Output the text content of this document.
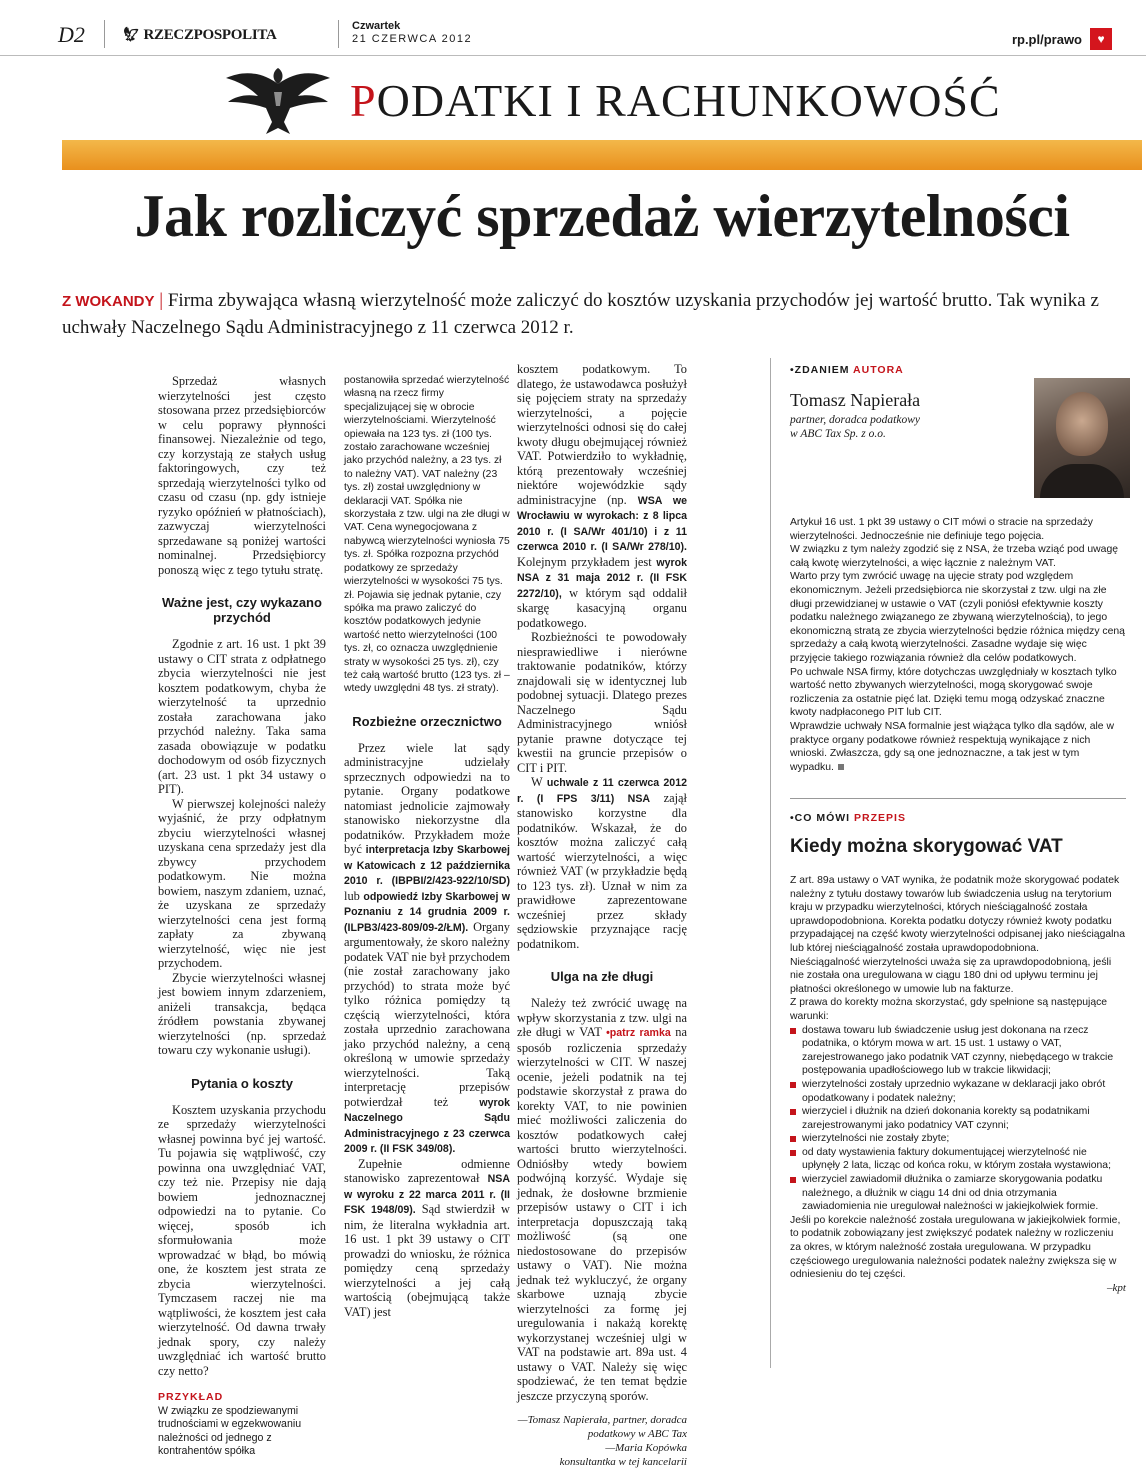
D2	🦅︎ RZECZPOSPOLITA
Czwartek
21 CZERWCA 2012	rp.pl/prawo	♥
PODATKI I RACHUNKOWOŚĆ
Jak rozliczyć sprzedaż wierzytelności
Z WOKANDY | Firma zbywająca własną wierzytelność może zaliczyć do kosztów uzyskania przychodów jej wartość brutto. Tak wynika z uchwały Naczelnego Sądu Administracyjnego z 11 czerwca 2012 r.

Sprzedaż własnych wierzytelności jest często stosowana przez przedsiębiorców w celu poprawy płynności finansowej. Niezależnie od tego, czy korzystają ze stałych usług faktoringowych, czy też sprzedają wierzytelności tylko od czasu od czasu (np. gdy istnieje ryzyko opóźnień w płatnościach), zazwyczaj wierzytelności sprzedawane są poniżej wartości nominalnej. Przedsiębiorcy ponoszą więc z tego tytułu stratę.

Ważne jest, czy wykazano przychód

Zgodnie z art. 16 ust. 1 pkt 39 ustawy o CIT strata z odpłatnego zbycia wierzytelności nie jest kosztem podatkowym, chyba że wierzytelność ta uprzednio została zarachowana jako przychód należny. Taka sama zasada obowiązuje w podatku dochodowym od osób fizycznych (art. 23 ust. 1 pkt 34 ustawy o PIT).

W pierwszej kolejności należy wyjaśnić, że przy odpłatnym zbyciu wierzytelności własnej uzyskana cena sprzedaży jest dla zbywcy przychodem podatkowym. Nie można bowiem, naszym zdaniem, uznać, że uzyskana ze sprzedaży wierzytelności cena jest formą zapłaty za zbywaną wierzytelność, więc nie jest przychodem.

Zbycie wierzytelności własnej jest bowiem innym zdarzeniem, aniżeli transakcja, będąca źródłem powstania zbywanej wierzytelności (np. sprzedaż towaru czy wykonanie usługi).

Pytania o koszty

Kosztem uzyskania przychodu ze sprzedaży wierzytelności własnej powinna być jej wartość. Tu pojawia się wątpliwość, czy powinna ona uwzględniać VAT, czy też nie. Przepisy nie dają bowiem jednoznacznej odpowiedzi na to pytanie. Co więcej, sposób ich sformułowania może wprowadzać w błąd, bo mówią one, że kosztem jest strata ze zbycia wierzytelności. Tymczasem raczej nie ma wątpliwości, że kosztem jest cała wierzytelność. Od dawna trwały jednak spory, czy należy uwzględniać ich wartość brutto czy netto?

PRZYKŁAD

W związku ze spodziewanymi trudnościami w egzekwowaniu należności od jednego z kontrahentów spółka

postanowiła sprzedać wierzytelność własną na rzecz firmy specjalizującej się w obrocie wierzytelnościami. Wierzytelność opiewała na 123 tys. zł (100 tys. zostało zarachowane wcześniej jako przychód należny, a 23 tys. zł to należny VAT). VAT należny (23 tys. zł) został uwzględniony w deklaracji VAT. Spółka nie skorzystała z tzw. ulgi na złe długi w VAT. Cena wynegocjowana z nabywcą wierzytelności wyniosła 75 tys. zł. Spółka rozpozna przychód podatkowy ze sprzedaży wierzytelności w wysokości 75 tys. zł. Pojawia się jednak pytanie, czy spółka ma prawo zaliczyć do kosztów podatkowych jedynie wartość netto wierzytelności (100 tys. zł, co oznacza uwzględnienie straty w wysokości 25 tys. zł), czy też całą wartość brutto (123 tys. zł – wtedy uwzględni 48 tys. zł straty).

Rozbieżne orzecznictwo

Przez wiele lat sądy administracyjne udzielały sprzecznych odpowiedzi na to pytanie. Organy podatkowe natomiast jednolicie zajmowały stanowisko niekorzystne dla podatników. Przykładem może być interpretacja Izby Skarbowej w Katowicach z 12 października 2010 r. (IBPBI/2/423-922/10/SD) lub odpowiedź Izby Skarbowej w Poznaniu z 14 grudnia 2009 r. (ILPB3/423-809/09-2/ŁM). Organy argumentowały, że skoro należny podatek VAT nie był przychodem (nie został zarachowany jako przychód) to strata może być tylko różnica pomiędzy tą częścią wierzytelności, która została uprzednio zarachowana jako przychód należny, a ceną określoną w umowie sprzedaży wierzytelności. Taką interpretację przepisów potwierdzał też	wyrok Naczelnego Sądu Administracyjnego z 23 czerwca 2009 r. (II FSK 349/08).

Zupełnie odmienne stanowisko zaprezentował NSA w wyroku z 22 marca 2011 r. (II FSK 1948/09). Sąd stwierdził w nim, że literalna wykładnia art. 16 ust. 1 pkt 39 ustawy o CIT prowadzi do wniosku, że różnica pomiędzy ceną sprzedaży wierzytelności a jej całą wartością (obejmującą także VAT) jest

kosztem podatkowym. To dlatego, że ustawodawca posłużył się pojęciem straty na sprzedaży wierzytelności, a pojęcie wierzytelności odnosi się do całej kwoty długu obejmującej również VAT. Potwierdziło to wykładnię, którą prezentowały wcześniej niektóre wojewódzkie sądy administracyjne (np. WSA we Wrocławiu w wyrokach: z 8 lipca 2010 r. (I SA/Wr 401/10) i z 11 czerwca 2010 r. (I SA/Wr 278/10). Kolejnym przykładem jest wyrok NSA z 31 maja 2012 r. (II FSK 2272/10), w którym sąd oddalił skargę kasacyjną organu podatkowego.

Rozbieżności te powodowały niesprawiedliwe i nierówne traktowanie podatników, którzy znajdowali się w identycznej lub podobnej sytuacji. Dlatego prezes Naczelnego Sądu Administracyjnego wniósł pytanie prawne dotyczące tej kwestii na gruncie przepisów o CIT i PIT.

W uchwale z 11 czerwca 2012 r. (I FPS 3/11) NSA zajął stanowisko korzystne dla podatników. Wskazał, że do kosztów można zaliczyć całą wartość wierzytelności, a więc również VAT (w przykładzie będą to 123 tys. zł). Uznał w nim za prawidłowe zaprezentowane wcześniej przez składy sędziowskie przyznające rację podatnikom.

Ulga na złe długi

Należy też zwrócić uwagę na wpływ skorzystania z tzw. ulgi na złe długi w VAT •patrz ramka na sposób rozliczenia sprzedaży wierzytelności w CIT. W naszej ocenie, jeżeli podatnik na tej podstawie skorzystał z prawa do korekty VAT, to nie powinien mieć możliwości zaliczenia do kosztów podatkowych całej wartości brutto wierzytelności. Odniósłby wtedy bowiem podwójną korzyść. Wydaje się jednak, że dosłowne brzmienie przepisów ustawy o CIT i ich interpretacja dopuszczają taką możliwość (są one niedostosowane do przepisów ustawy o VAT). Nie można jednak też wykluczyć, że organy skarbowe uznają zbycie wierzytelności za formę jej uregulowania i nakażą korektę wykorzystanej wcześniej ulgi w VAT na podstawie art. 89a ust. 4 ustawy o VAT. Należy się więc spodziewać, że ten temat będzie jeszcze przyczyną sporów.

—Tomasz Napierała, partner, doradca podatkowy w ABC Tax
—Maria Kopówka
konsultantka w tej kancelarii
•ZDANIEM AUTORA
Tomasz Napierała
partner, doradca podatkowy
w ABC Tax Sp. z o.o.
Artykuł 16 ust. 1 pkt 39 ustawy o CIT mówi o stracie na sprzedaży wierzytelności. Jednocześnie nie definiuje tego pojęcia.
W związku z tym należy zgodzić się z NSA, że trzeba wziąć pod uwagę całą kwotę wierzytelności, a więc łącznie z należnym VAT.
Warto przy tym zwrócić uwagę na ujęcie straty pod względem ekonomicznym. Jeżeli przedsiębiorca nie skorzystał z tzw. ulgi na złe długi przewidzianej w ustawie o VAT (czyli poniósł efektywnie koszty podatku należnego związanego ze zbywaną wierzytelnością), to jego ekonomiczną stratą ze zbycia wierzytelności będzie różnica między ceną sprzedaży a całą kwotą wierzytelności. Zasadne wydaje się więc przyjęcie takiego rozwiązania również dla celów podatkowych.
Po uchwale NSA firmy, które dotychczas uwzględniały w kosztach tylko wartość netto zbywanych wierzytelności, mogą skorygować swoje rozliczenia za ostatnie pięć lat. Dzięki temu mogą odzyskać znaczne kwoty nadpłaconego PIT lub CIT.
Wprawdzie uchwały NSA formalnie jest wiążąca tylko dla sądów, ale w praktyce organy podatkowe również respektują wynikające z nich wnioski. Zwłaszcza, gdy są one jednoznaczne, a tak jest w tym wypadku.
•CO MÓWI PRZEPIS
Kiedy można skorygować VAT
Z art. 89a ustawy o VAT wynika, że podatnik może skorygować podatek należny z tytułu dostawy towarów lub świadczenia usług na terytorium kraju w przypadku wierzytelności, których nieściągalność została uprawdopodobniona. Korekta podatku dotyczy również kwoty podatku przypadającej na część kwoty wierzytelności odpisanej jako nieściągalna lub której nieściągalność została uprawdopodobniona.
Nieściągalność wierzytelności uważa się za uprawdopodobnioną, jeśli nie została ona uregulowana w ciągu 180 dni od upływu terminu jej płatności określonego w umowie lub na fakturze.
Z prawa do korekty można skorzystać, gdy spełnione są następujące warunki:
dostawa towaru lub świadczenie usług jest dokonana na rzecz podatnika, o którym mowa w art. 15 ust. 1 ustawy o VAT, zarejestrowanego jako podatnik VAT czynny, niebędącego w trakcie postępowania upadłościowego lub w trakcie likwidacji;
wierzytelności zostały uprzednio wykazane w deklaracji jako obrót opodatkowany i podatek należny;
wierzyciel i dłużnik na dzień dokonania korekty są podatnikami zarejestrowanymi jako podatnicy VAT czynni;
wierzytelności nie zostały zbyte;
od daty wystawienia faktury dokumentującej wierzytelność nie upłynęły 2 lata, licząc od końca roku, w którym została wystawiona;
wierzyciel zawiadomił dłużnika o zamiarze skorygowania podatku należnego, a dłużnik w ciągu 14 dni od dnia otrzymania zawiadomienia nie uregulował należności w jakiejkolwiek formie.
Jeśli po korekcie należność została uregulowana w jakiejkolwiek formie, to podatnik zobowiązany jest zwiększyć podatek należny w rozliczeniu za okres, w którym należność została uregulowana. W przypadku częściowego uregulowania należności podatek należny zwiększa się w odniesieniu do tej części.
–kpt
